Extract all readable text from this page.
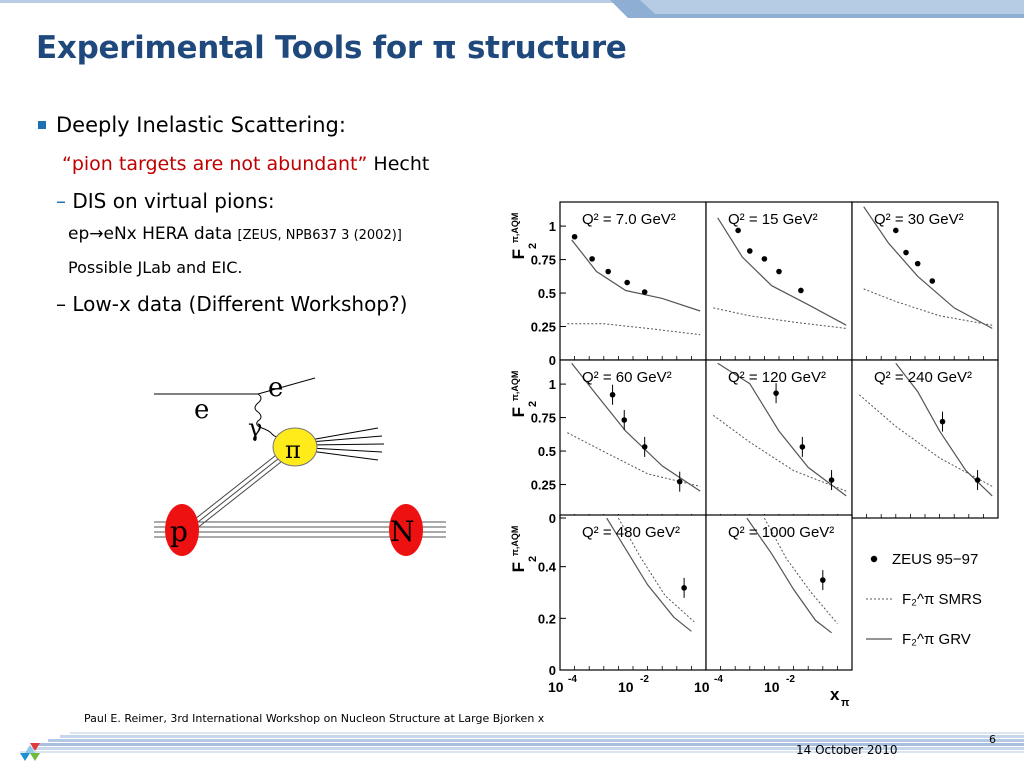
Experimental Tools for π structure
Deeply Inelastic Scattering:
“pion targets are not abundant” Hecht
– DIS on virtual pions:
ep→eNx HERA data [ZEUS, NPB637 3 (2002)]
Possible JLab and EIC.
– Low-x data (Different Workshop?)
e
e
γ
π
p	N
Q² = 7.0 GeV²	Q² = 15 GeV²	Q² = 30 GeV²
Q² = 60 GeV²	Q² = 120 GeV²	Q² = 240 GeV²
Q² = 480 GeV²	Q² = 1000 GeV²
1
0.75
0.5
0.25
0
1
0.75
0.5
0.25
0
0.4
0.2
0
F
2
π,AQM
F
2
π,AQM
F
2
π,AQM
10 -4	10 -2	10 -4	10 -2
x π
ZEUS 95−97
F₂^π SMRS
F₂^π GRV
Paul E. Reimer, 3rd International Workshop on Nucleon Structure at Large Bjorken x
14 October 2010
6
